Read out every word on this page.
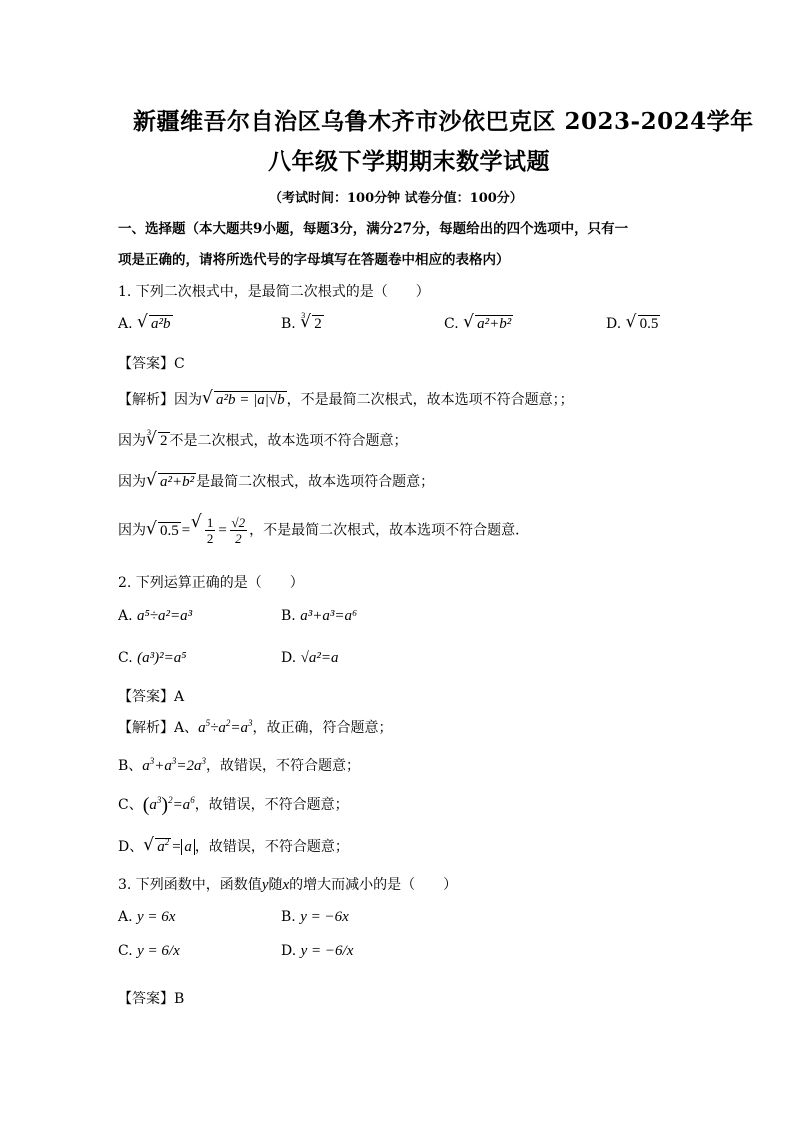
新疆维吾尔自治区乌鲁木齐市沙依巴克区 2023-2024学年
八年级下学期期末数学试题
（考试时间：100分钟 试卷分值：100分）
一、选择题（本大题共9小题，每题3分，满分27分，每题给出的四个选项中，只有一
项是正确的，请将所选代号的字母填写在答题卷中相应的表格内）
1. 下列二次根式中，是最简二次根式的是（　　）
A. √ a²b	B.
√ 3
2	C. √ a²+b²	D. √ 0.5
【答案】C
【解析】因为 √ a²b = |a|√b ，不是最简二次根式，故本选项不符合题意；；
因为
√ 3
2 不是二次根式，故本选项不符合题意；
因为 √ a²+b² 是最简二次根式，故本选项符合题意；
因为 √ 0.5 = √ $\frac{1}{2} = \frac{√2}{2}$ ，不是最简二次根式，故本选项不符合题意．
2. 下列运算正确的是（　　）
A. a⁵÷a²=a³	B. a³+a³=a⁶
C. (a³)²=a⁵	D. √a²=a
【答案】A
【解析】A、$a^5\div a^2=a^3$，故正确，符合题意；
B、$a^3+a^3=2a^3$，故错误，不符合题意；
C、$(a^3)^2=a^6$，故错误，不符合题意；
D、 √ $a^2 = a$ ，故错误，不符合题意；
3. 下列函数中，函数值y随x的增大而减小的是（　　）
A. y = 6x	B. y = −6x
C. y = 6/x	D. y = −6/x
【答案】B
